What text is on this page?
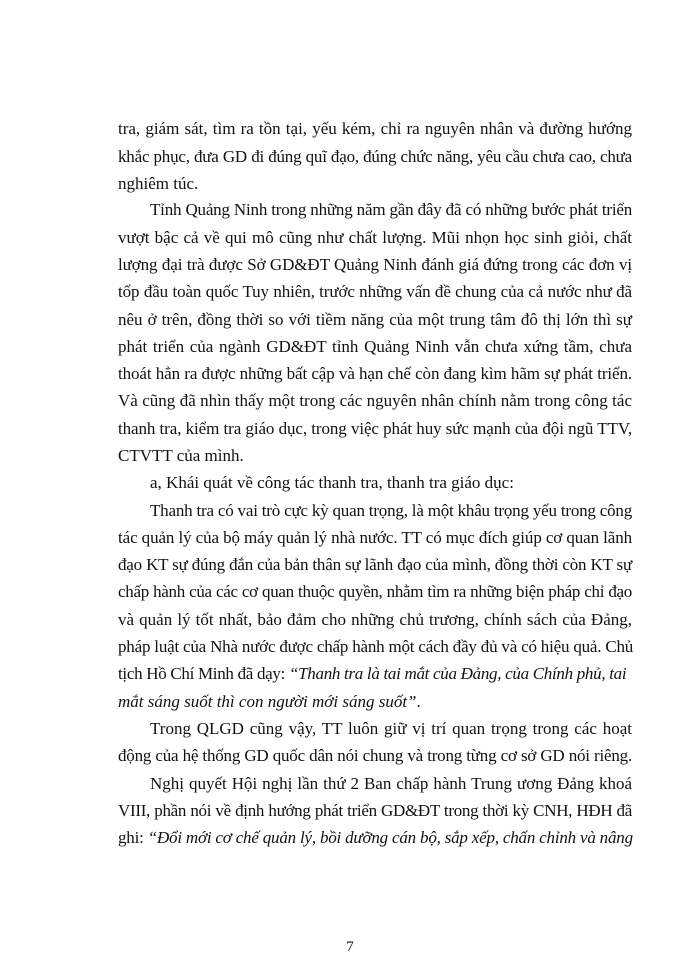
tra, giám sát, tìm ra tồn tại, yếu kém, chỉ ra nguyên nhân và đường hướng
khắc phục, đưa GD đi đúng quĩ đạo, đúng chức năng, yêu cầu chưa cao, chưa
nghiêm túc.
Tỉnh Quảng Ninh trong những năm gần đây đã có những bước phát triển
vượt bậc cả về qui mô cũng như chất lượng. Mũi nhọn học sinh giỏi, chất
lượng đại trà được Sở GD&ĐT Quảng Ninh đánh giá đứng trong các đơn vị
tốp đầu toàn quốc Tuy nhiên, trước những vấn đề chung của cả nước như đã
nêu ở trên, đồng thời so với tiềm năng của một trung tâm đô thị lớn thì sự
phát triển của ngành GD&ĐT tỉnh Quảng Ninh vẫn chưa xứng tầm, chưa
thoát hẳn ra được những bất cập và hạn chế còn đang kìm hãm sự phát triển.
Và cũng đã nhìn thấy một trong các nguyên nhân chính nằm trong công tác
thanh tra, kiểm tra giáo dục, trong việc phát huy sức mạnh của đội ngũ TTV,
CTVTT của mình.
a, Khái quát về công tác thanh tra, thanh tra giáo dục:
Thanh tra có vai trò cực kỳ quan trọng, là một khâu trọng yếu trong công
tác quản lý của bộ máy quản lý nhà nước. TT có mục đích giúp cơ quan lãnh
đạo KT sự đúng đắn của bản thân sự lãnh đạo của mình, đồng thời còn KT sự
chấp hành của các cơ quan thuộc quyền, nhằm tìm ra những biện pháp chỉ đạo
và quản lý tốt nhất, bảo đảm cho những chủ trương, chính sách của Đảng,
pháp luật của Nhà nước được chấp hành một cách đầy đủ và có hiệu quả. Chủ
tịch Hồ Chí Minh đã dạy: “Thanh tra là tai mắt của Đảng, của Chính phủ, tai
mắt sáng suốt thì con người mới sáng suốt”.
Trong QLGD cũng vậy, TT luôn giữ vị trí quan trọng trong các hoạt
động của hệ thống GD quốc dân nói chung và trong từng cơ sở GD nói riêng.
Nghị quyết Hội nghị lần thứ 2 Ban chấp hành Trung ương Đảng khoá
VIII, phần nói về định hướng phát triển GD&ĐT trong thời kỳ CNH, HĐH đã
ghi: “Đổi mới cơ chế quản lý, bồi dưỡng cán bộ, sắp xếp, chấn chỉnh và nâng
7
